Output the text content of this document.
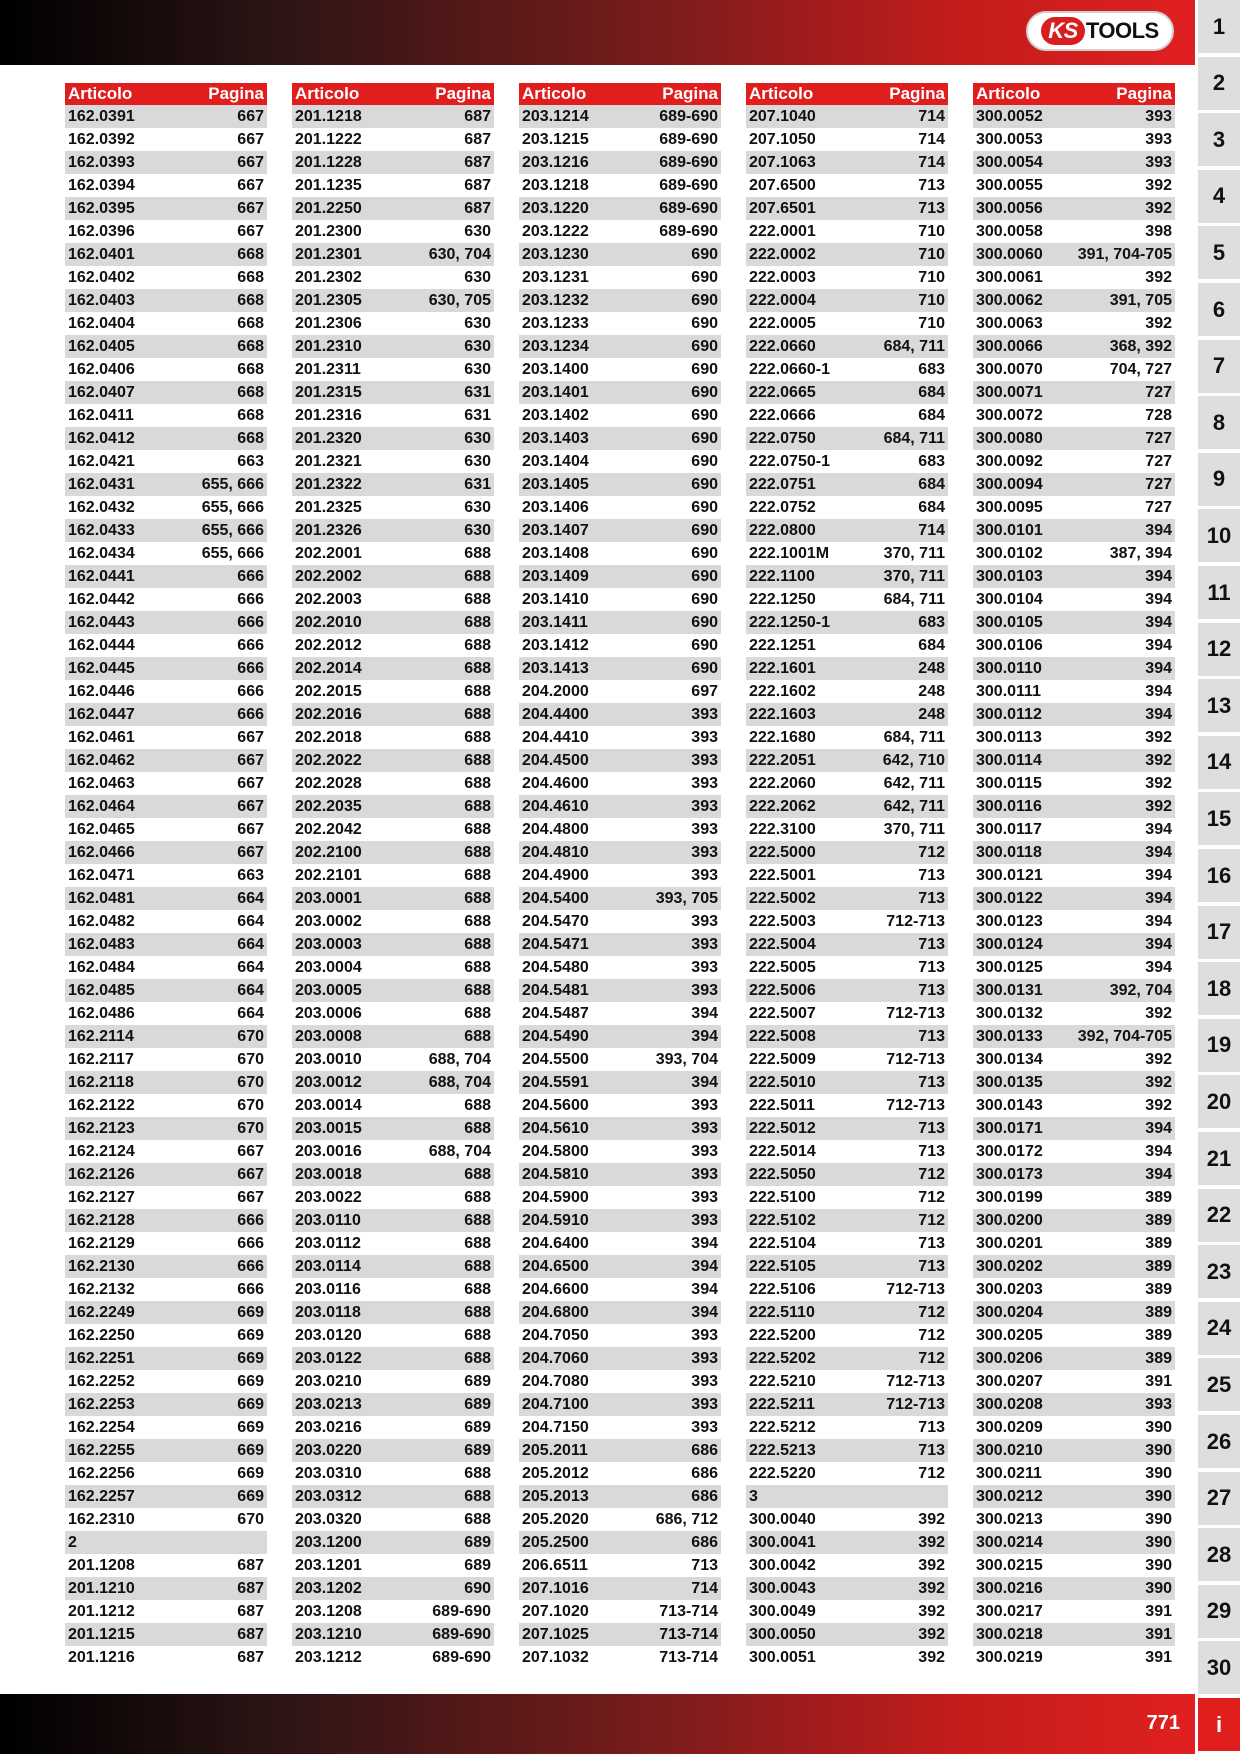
KS TOOLS
Articolo	Pagina
162.0391	667
162.0392	667
162.0393	667
162.0394	667
162.0395	667
162.0396	667
162.0401	668
162.0402	668
162.0403	668
162.0404	668
162.0405	668
162.0406	668
162.0407	668
162.0411	668
162.0412	668
162.0421	663
162.0431	655, 666
162.0432	655, 666
162.0433	655, 666
162.0434	655, 666
162.0441	666
162.0442	666
162.0443	666
162.0444	666
162.0445	666
162.0446	666
162.0447	666
162.0461	667
162.0462	667
162.0463	667
162.0464	667
162.0465	667
162.0466	667
162.0471	663
162.0481	664
162.0482	664
162.0483	664
162.0484	664
162.0485	664
162.0486	664
162.2114	670
162.2117	670
162.2118	670
162.2122	670
162.2123	670
162.2124	667
162.2126	667
162.2127	667
162.2128	666
162.2129	666
162.2130	666
162.2132	666
162.2249	669
162.2250	669
162.2251	669
162.2252	669
162.2253	669
162.2254	669
162.2255	669
162.2256	669
162.2257	669
162.2310	670
2
201.1208	687
201.1210	687
201.1212	687
201.1215	687
201.1216	687
Articolo	Pagina
201.1218	687
201.1222	687
201.1228	687
201.1235	687
201.2250	687
201.2300	630
201.2301	630, 704
201.2302	630
201.2305	630, 705
201.2306	630
201.2310	630
201.2311	630
201.2315	631
201.2316	631
201.2320	630
201.2321	630
201.2322	631
201.2325	630
201.2326	630
202.2001	688
202.2002	688
202.2003	688
202.2010	688
202.2012	688
202.2014	688
202.2015	688
202.2016	688
202.2018	688
202.2022	688
202.2028	688
202.2035	688
202.2042	688
202.2100	688
202.2101	688
203.0001	688
203.0002	688
203.0003	688
203.0004	688
203.0005	688
203.0006	688
203.0008	688
203.0010	688, 704
203.0012	688, 704
203.0014	688
203.0015	688
203.0016	688, 704
203.0018	688
203.0022	688
203.0110	688
203.0112	688
203.0114	688
203.0116	688
203.0118	688
203.0120	688
203.0122	688
203.0210	689
203.0213	689
203.0216	689
203.0220	689
203.0310	688
203.0312	688
203.0320	688
203.1200	689
203.1201	689
203.1202	690
203.1208	689-690
203.1210	689-690
203.1212	689-690
Articolo	Pagina
203.1214	689-690
203.1215	689-690
203.1216	689-690
203.1218	689-690
203.1220	689-690
203.1222	689-690
203.1230	690
203.1231	690
203.1232	690
203.1233	690
203.1234	690
203.1400	690
203.1401	690
203.1402	690
203.1403	690
203.1404	690
203.1405	690
203.1406	690
203.1407	690
203.1408	690
203.1409	690
203.1410	690
203.1411	690
203.1412	690
203.1413	690
204.2000	697
204.4400	393
204.4410	393
204.4500	393
204.4600	393
204.4610	393
204.4800	393
204.4810	393
204.4900	393
204.5400	393, 705
204.5470	393
204.5471	393
204.5480	393
204.5481	393
204.5487	394
204.5490	394
204.5500	393, 704
204.5591	394
204.5600	393
204.5610	393
204.5800	393
204.5810	393
204.5900	393
204.5910	393
204.6400	394
204.6500	394
204.6600	394
204.6800	394
204.7050	393
204.7060	393
204.7080	393
204.7100	393
204.7150	393
205.2011	686
205.2012	686
205.2013	686
205.2020	686, 712
205.2500	686
206.6511	713
207.1016	714
207.1020	713-714
207.1025	713-714
207.1032	713-714
Articolo	Pagina
207.1040	714
207.1050	714
207.1063	714
207.6500	713
207.6501	713
222.0001	710
222.0002	710
222.0003	710
222.0004	710
222.0005	710
222.0660	684, 711
222.0660-1	683
222.0665	684
222.0666	684
222.0750	684, 711
222.0750-1	683
222.0751	684
222.0752	684
222.0800	714
222.1001M	370, 711
222.1100	370, 711
222.1250	684, 711
222.1250-1	683
222.1251	684
222.1601	248
222.1602	248
222.1603	248
222.1680	684, 711
222.2051	642, 710
222.2060	642, 711
222.2062	642, 711
222.3100	370, 711
222.5000	712
222.5001	713
222.5002	713
222.5003	712-713
222.5004	713
222.5005	713
222.5006	713
222.5007	712-713
222.5008	713
222.5009	712-713
222.5010	713
222.5011	712-713
222.5012	713
222.5014	713
222.5050	712
222.5100	712
222.5102	712
222.5104	713
222.5105	713
222.5106	712-713
222.5110	712
222.5200	712
222.5202	712
222.5210	712-713
222.5211	712-713
222.5212	713
222.5213	713
222.5220	712
3
300.0040	392
300.0041	392
300.0042	392
300.0043	392
300.0049	392
300.0050	392
300.0051	392
Articolo	Pagina
300.0052	393
300.0053	393
300.0054	393
300.0055	392
300.0056	392
300.0058	398
300.0060 391, 704-705
300.0061	392
300.0062	391, 705
300.0063	392
300.0066	368, 392
300.0070	704, 727
300.0071	727
300.0072	728
300.0080	727
300.0092	727
300.0094	727
300.0095	727
300.0101	394
300.0102	387, 394
300.0103	394
300.0104	394
300.0105	394
300.0106	394
300.0110	394
300.0111	394
300.0112	394
300.0113	392
300.0114	392
300.0115	392
300.0116	392
300.0117	394
300.0118	394
300.0121	394
300.0122	394
300.0123	394
300.0124	394
300.0125	394
300.0131	392, 704
300.0132	392
300.0133 392, 704-705
300.0134	392
300.0135	392
300.0143	392
300.0171	394
300.0172	394
300.0173	394
300.0199	389
300.0200	389
300.0201	389
300.0202	389
300.0203	389
300.0204	389
300.0205	389
300.0206	389
300.0207	391
300.0208	393
300.0209	390
300.0210	390
300.0211	390
300.0212	390
300.0213	390
300.0214	390
300.0215	390
300.0216	390
300.0217	391
300.0218	391
300.0219	391
1
2
3
4
5
6
7
8
9
10
11
12
13
14
15
16
17
18
19
20
21
22
23
24
25
26
27
28
29
30
i
771
